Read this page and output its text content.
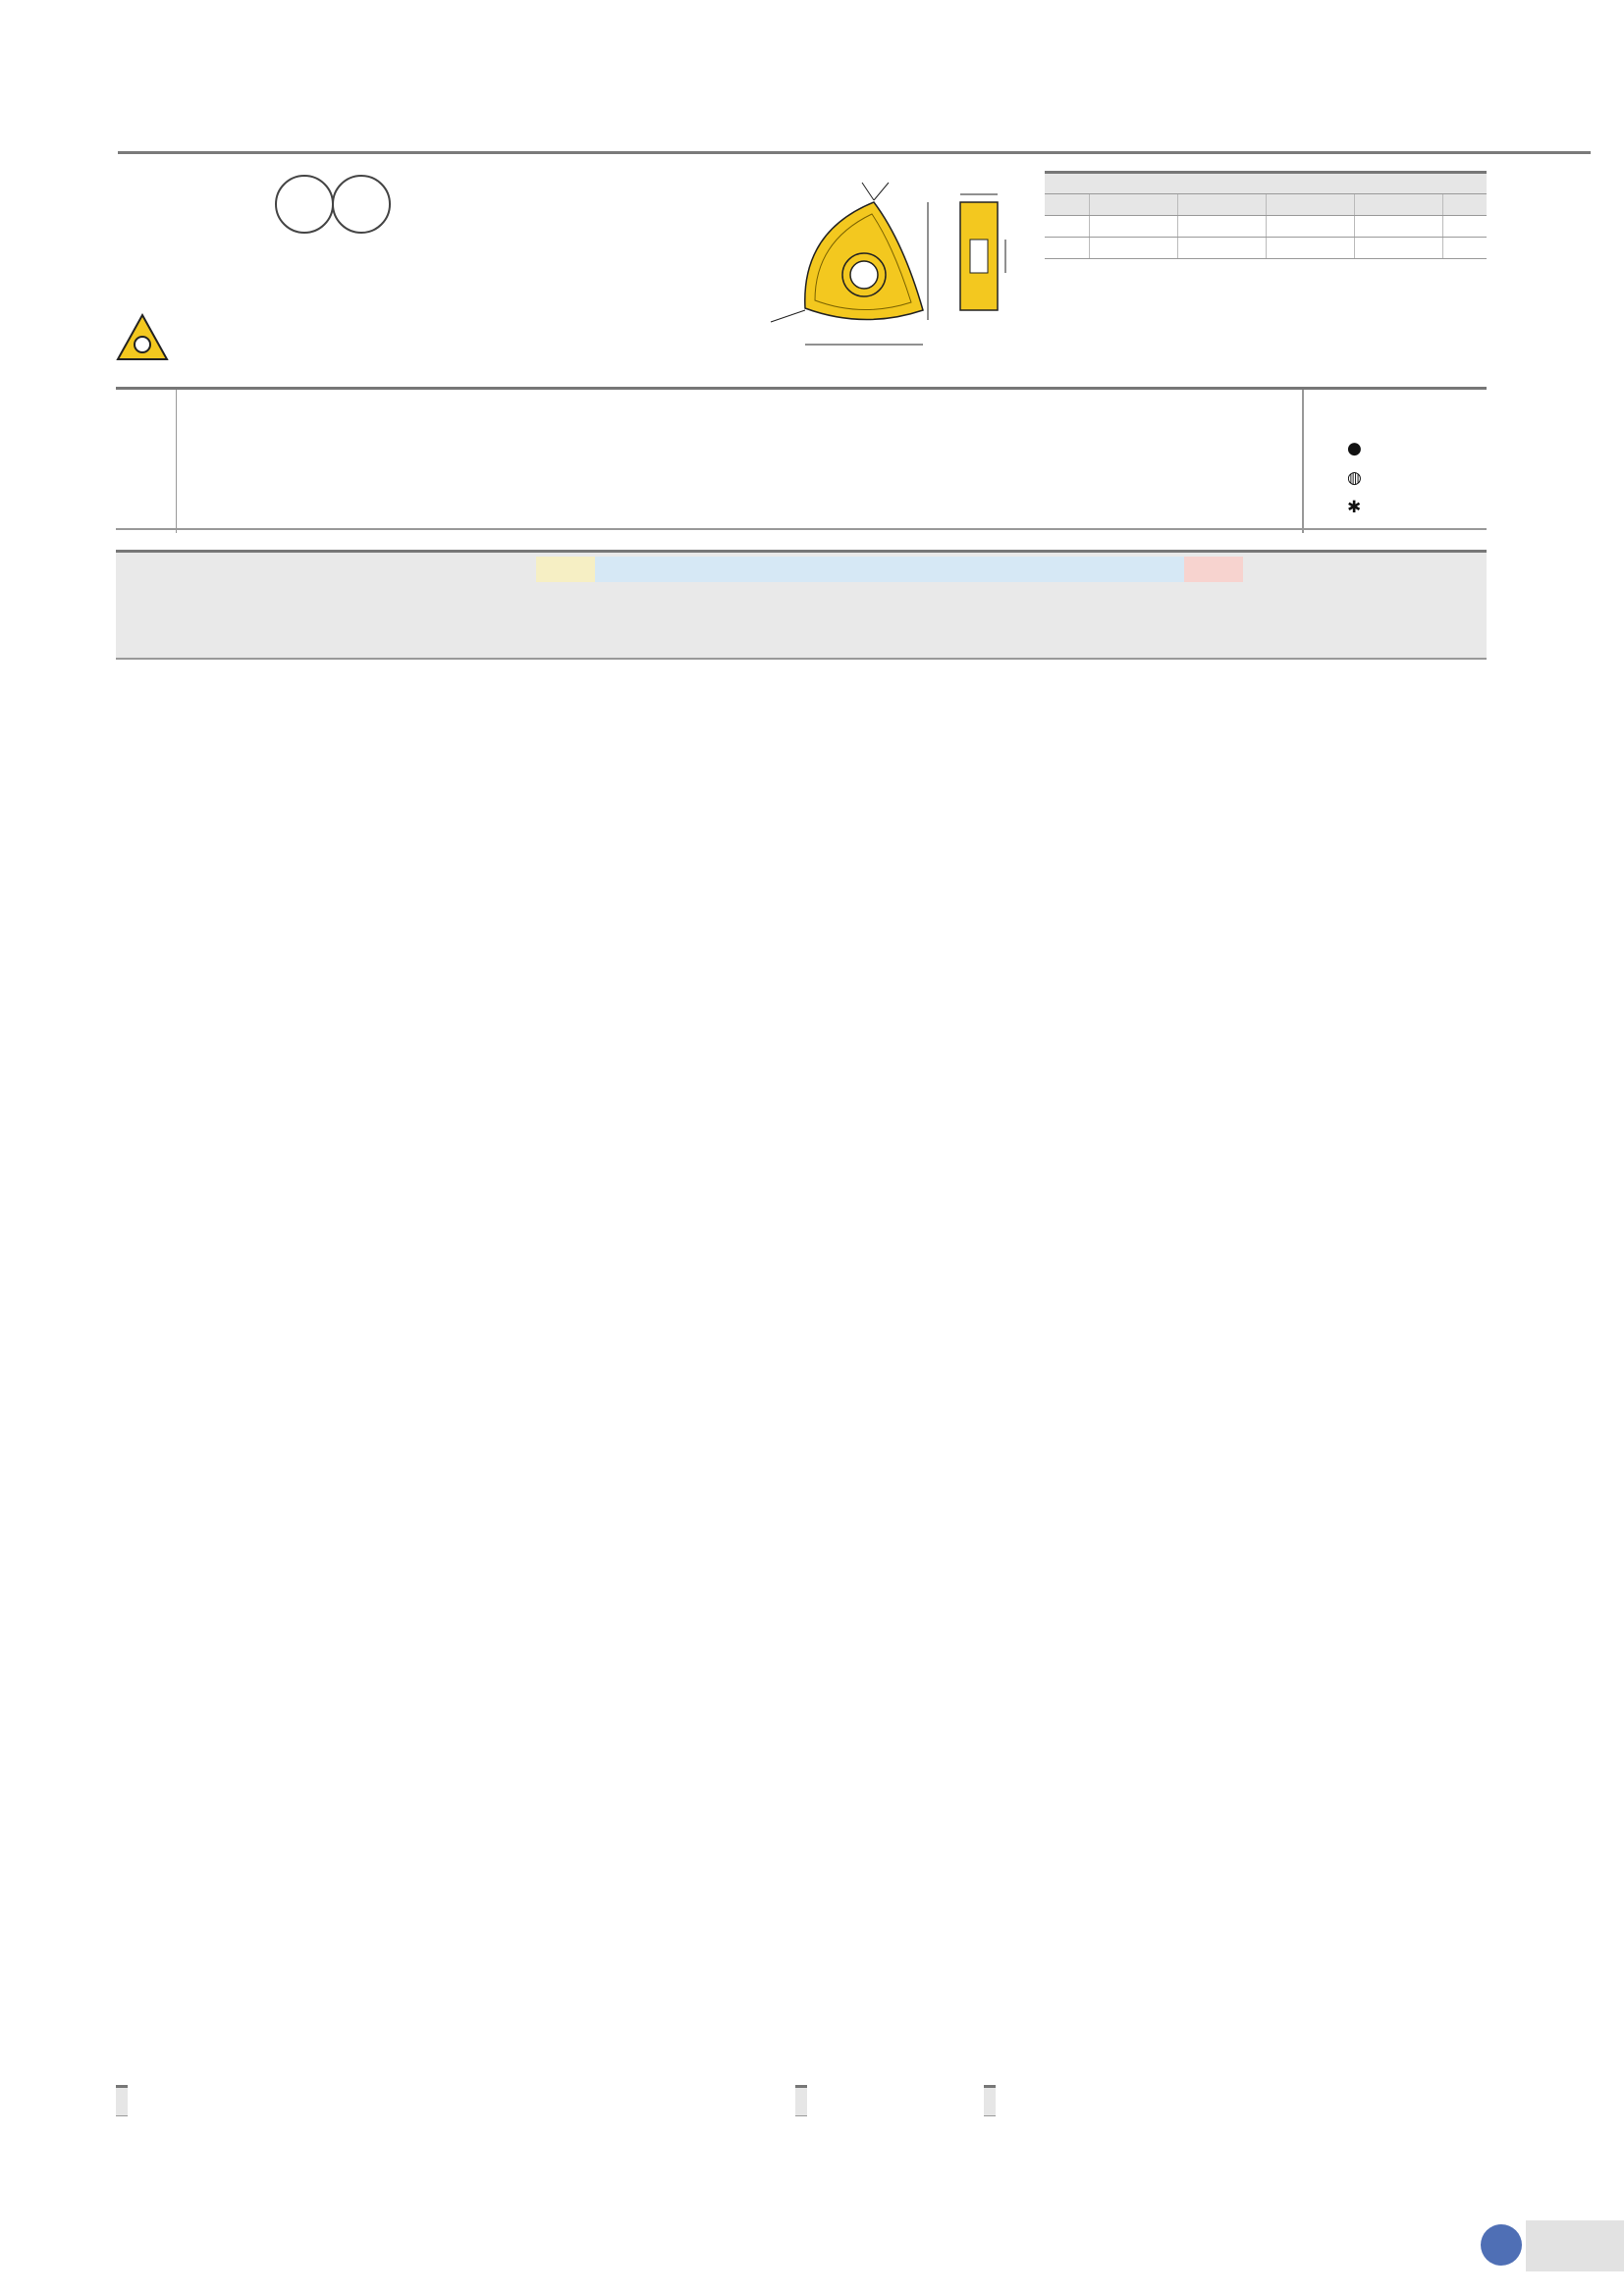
●
◍
✱
